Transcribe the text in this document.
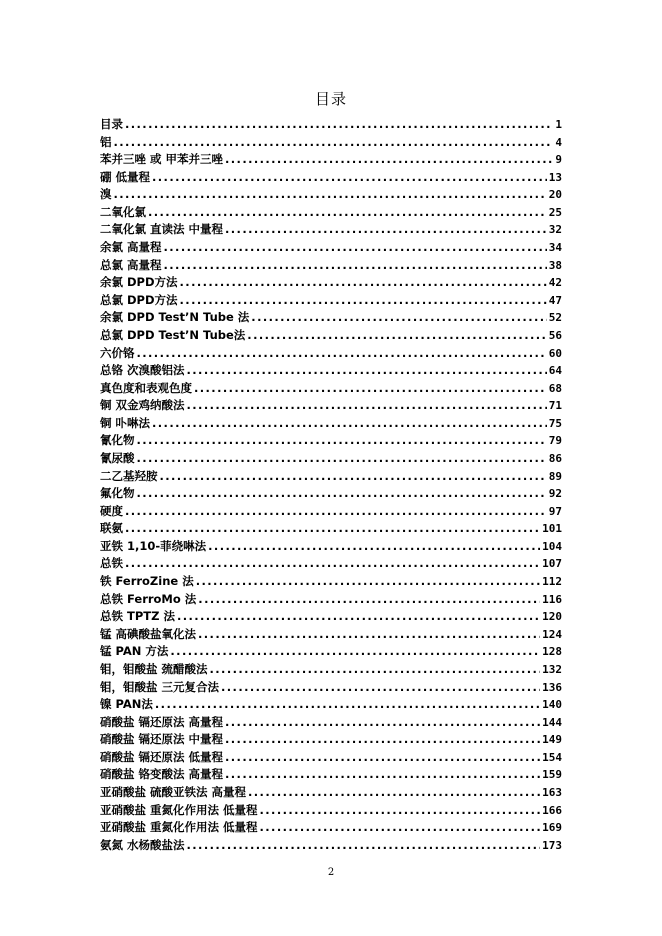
目录
目录 .....	1
铝 .....	4
苯并三唑 或 甲苯并三唑 .....	9
硼 低量程 .....	13
溴 .....	20
二氧化氯 .....	25
二氧化氯 直读法 中量程 .....	32
余氯 高量程 .....	34
总氯 高量程 .....	38
余氯 DPD方法 .....	42
总氯 DPD方法 .....	47
余氯 DPD Test’N Tube 法 .....	52
总氯 DPD Test’N Tube法 .....	56
六价铬 .....	60
总铬 次溴酸铝法 .....	64
真色度和表观色度 .....	68
铜 双金鸡纳酸法 .....	71
铜 卟啉法 .....	75
氰化物 .....	79
氰尿酸 .....	86
二乙基羟胺 .....	89
氟化物 .....	92
硬度 .....	97
联氨 .....	101
亚铁 1,10-菲绕啉法 .....	104
总铁 .....	107
铁 FerroZine 法 .....	112
总铁 FerroMo 法 .....	116
总铁 TPTZ 法 .....	120
锰 高碘酸盐氧化法 .....	124
锰 PAN 方法 .....	128
钼，钼酸盐 巯醋酸法 .....	132
钼，钼酸盐 三元复合法 .....	136
镍 PAN法 .....	140
硝酸盐 镉还原法 高量程 .....	144
硝酸盐 镉还原法 中量程 .....	149
硝酸盐 镉还原法 低量程 .....	154
硝酸盐 铬变酸法 高量程 .....	159
亚硝酸盐 硫酸亚铁法 高量程 .....	163
亚硝酸盐 重氮化作用法 低量程 .....	166
亚硝酸盐 重氮化作用法 低量程 .....	169
氨氮 水杨酸盐法 .....	173
2
